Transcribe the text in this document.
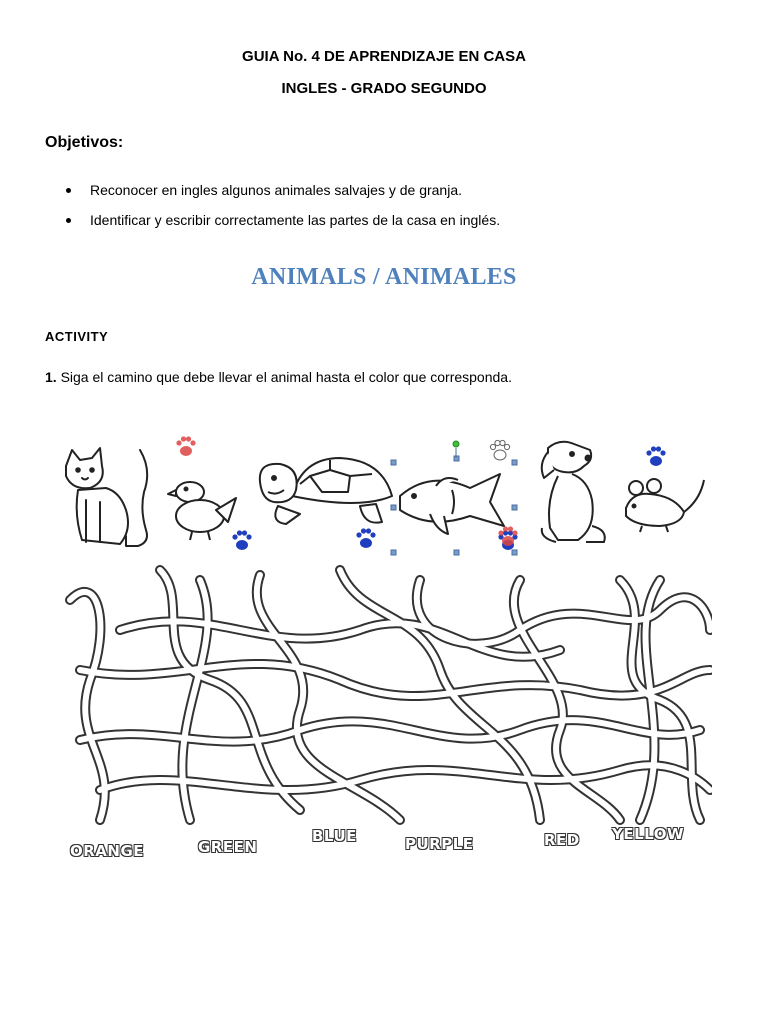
GUIA No. 4 DE APRENDIZAJE EN CASA
INGLES - GRADO SEGUNDO
Objetivos:
Reconocer en ingles algunos animales salvajes y de granja.
Identificar y escribir correctamente las partes de la casa en inglés.
ANIMALS / ANIMALES
ACTIVITY
1. Siga el camino que debe llevar el animal hasta el color que corresponda.
ORANGE	GREEN
BLUE	PURPLE	RED YELLOW
